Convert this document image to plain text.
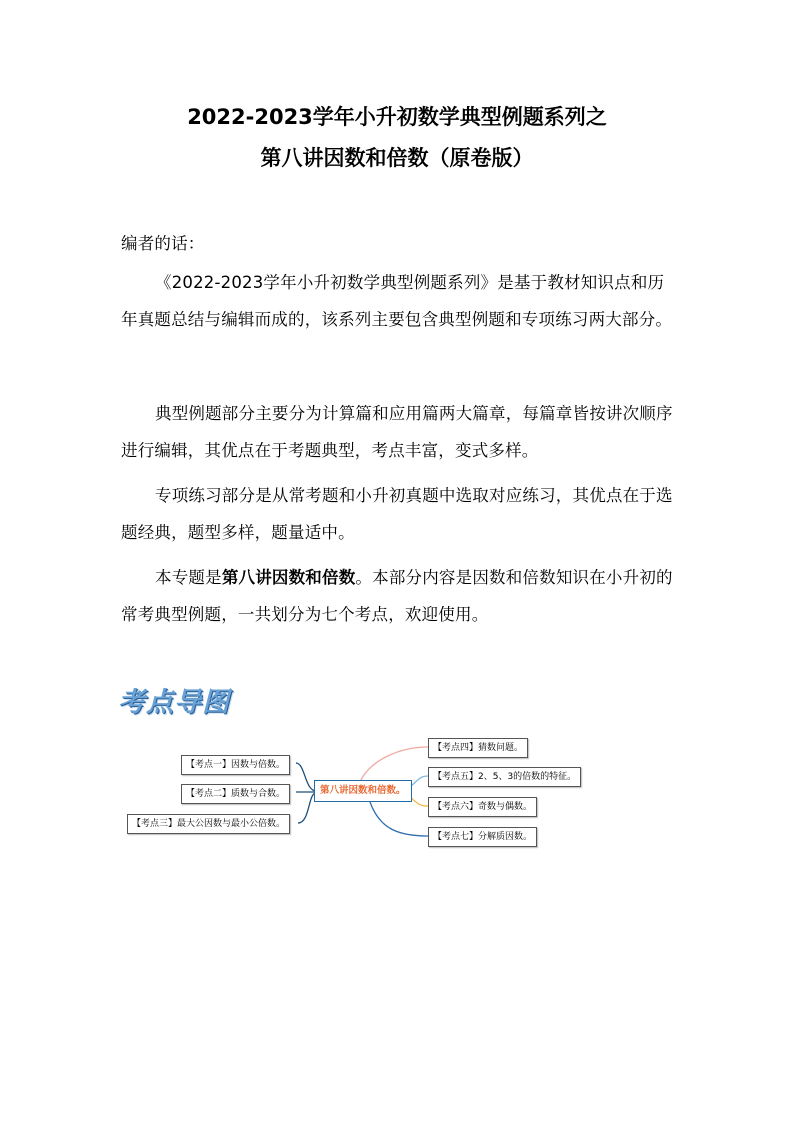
2022-2023学年小升初数学典型例题系列之
第八讲因数和倍数（原卷版）
编者的话：
《2022-2023学年小升初数学典型例题系列》是基于教材知识点和历年真题总结与编辑而成的，该系列主要包含典型例题和专项练习两大部分。
典型例题部分主要分为计算篇和应用篇两大篇章，每篇章皆按讲次顺序进行编辑，其优点在于考题典型，考点丰富，变式多样。
专项练习部分是从常考题和小升初真题中选取对应练习，其优点在于选题经典，题型多样，题量适中。
本专题是第八讲因数和倍数。本部分内容是因数和倍数知识在小升初的常考典型例题，一共划分为七个考点，欢迎使用。
考点导图
【考点一】因数与倍数。
【考点二】质数与合数。
【考点三】最大公因数与最小公倍数。
第八讲因数和倍数。
【考点四】猜数问题。
【考点五】2、5、3的倍数的特征。
【考点六】奇数与偶数。
【考点七】分解质因数。
